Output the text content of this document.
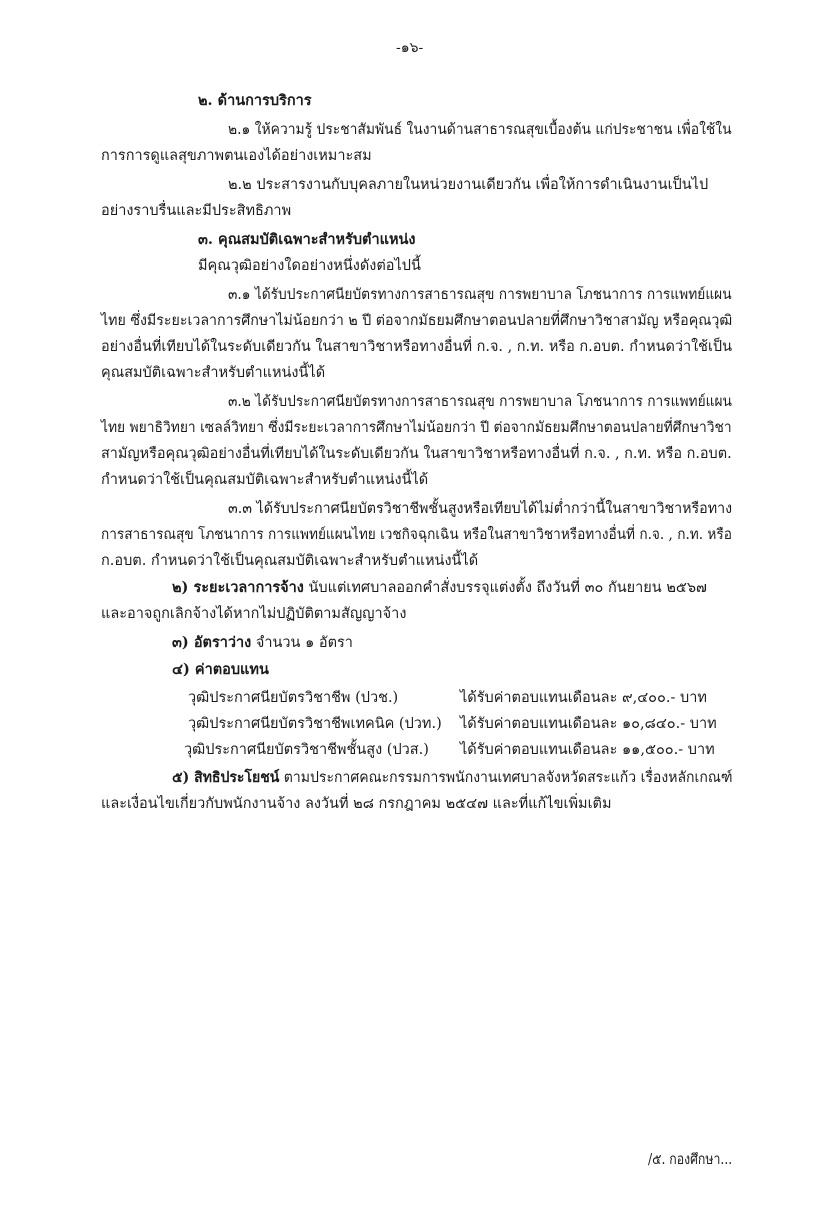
-๑๖-
๒. ด้านการบริการ
๒.๑ ให้ความรู้ ประชาสัมพันธ์ ในงานด้านสาธารณสุขเบื้องต้น แก่ประชาชน เพื่อใช้ใน
การการดูแลสุขภาพตนเองได้อย่างเหมาะสม
๒.๒ ประสารงานกับบุคลภายในหน่วยงานเดียวกัน เพื่อให้การดำเนินงานเป็นไป
อย่างราบรื่นและมีประสิทธิภาพ
๓. คุณสมบัติเฉพาะสำหรับตำแหน่ง
มีคุณวุฒิอย่างใดอย่างหนึ่งดังต่อไปนี้
๓.๑ ได้รับประกาศนียบัตรทางการสาธารณสุข การพยาบาล โภชนาการ การแพทย์แผน
ไทย ซึ่งมีระยะเวลาการศึกษาไม่น้อยกว่า ๒ ปี ต่อจากมัธยมศึกษาตอนปลายที่ศึกษาวิชาสามัญ หรือคุณวุฒิ
อย่างอื่นที่เทียบได้ในระดับเดียวกัน ในสาขาวิชาหรือทางอื่นที่ ก.จ. , ก.ท. หรือ ก.อบต. กำหนดว่าใช้เป็น
คุณสมบัติเฉพาะสำหรับตำแหน่งนี้ได้
๓.๒ ได้รับประกาศนียบัตรทางการสาธารณสุข การพยาบาล โภชนาการ การแพทย์แผน
ไทย พยาธิวิทยา เซลล์วิทยา ซึ่งมีระยะเวลาการศึกษาไม่น้อยกว่า ปี ต่อจากมัธยมศึกษาตอนปลายที่ศึกษาวิชา
สามัญหรือคุณวุฒิอย่างอื่นที่เทียบได้ในระดับเดียวกัน ในสาขาวิชาหรือทางอื่นที่ ก.จ. , ก.ท. หรือ ก.อบต.
กำหนดว่าใช้เป็นคุณสมบัติเฉพาะสำหรับตำแหน่งนี้ได้
๓.๓ ได้รับประกาศนียบัตรวิชาชีพชั้นสูงหรือเทียบได้ไม่ต่ำกว่านี้ในสาขาวิชาหรือทาง
การสาธารณสุข โภชนาการ การแพทย์แผนไทย เวชกิจฉุกเฉิน หรือในสาขาวิชาหรือทางอื่นที่ ก.จ. , ก.ท. หรือ
ก.อบต. กำหนดว่าใช้เป็นคุณสมบัติเฉพาะสำหรับตำแหน่งนี้ได้
๒) ระยะเวลาการจ้าง นับแต่เทศบาลออกคำสั่งบรรจุแต่งตั้ง ถึงวันที่ ๓๐ กันยายน ๒๕๖๗
และอาจถูกเลิกจ้างได้หากไม่ปฏิบัติตามสัญญาจ้าง
๓) อัตราว่าง จำนวน ๑ อัตรา
๔) ค่าตอบแทน
วุฒิประกาศนียบัตรวิชาชีพ (ปวช.)	ได้รับค่าตอบแทนเดือนละ ๙,๔๐๐.- บาท
วุฒิประกาศนียบัตรวิชาชีพเทคนิค (ปวท.) ได้รับค่าตอบแทนเดือนละ ๑๐,๘๔๐.- บาท
วุฒิประกาศนียบัตรวิชาชีพชั้นสูง (ปวส.) ได้รับค่าตอบแทนเดือนละ ๑๑,๕๐๐.- บาท
๕) สิทธิประโยชน์ ตามประกาศคณะกรรมการพนักงานเทศบาลจังหวัดสระแก้ว เรื่องหลักเกณฑ์
และเงื่อนไขเกี่ยวกับพนักงานจ้าง ลงวันที่ ๒๘ กรกฎาคม ๒๕๔๗ และที่แก้ไขเพิ่มเติม
/๕. กองศึกษา...
